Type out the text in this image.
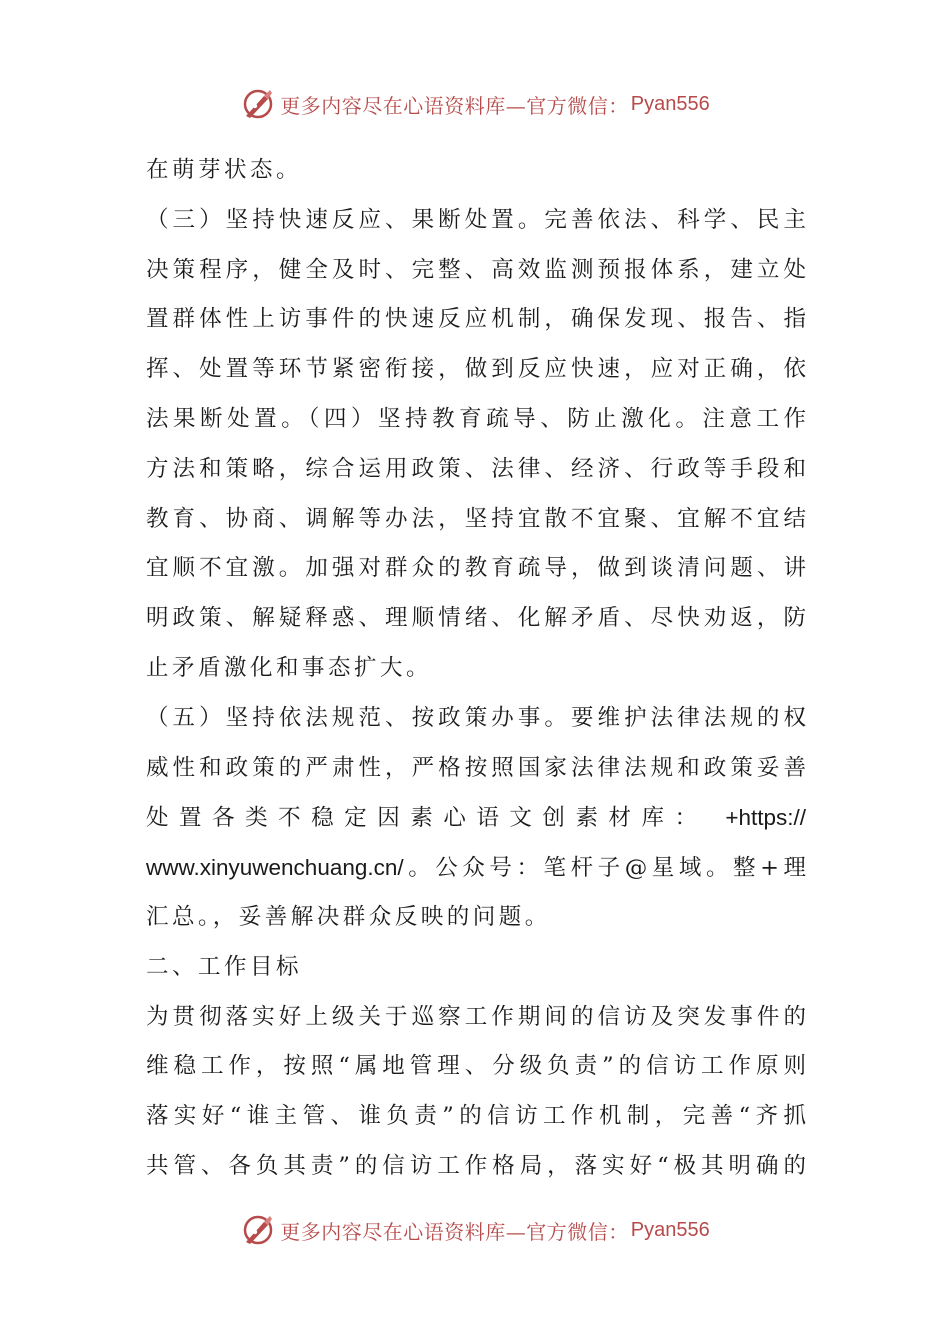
更多内容尽在心语资料库—官方微信： Pyan556
在萌芽状态。
（三）坚持快速反应、果断处置。完善依法、科学、民主
决策程序，健全及时、完整、高效监测预报体系，建立处
置群体性上访事件的快速反应机制，确保发现、报告、指
挥、处置等环节紧密衔接，做到反应快速，应对正确，依
法果断处置。（四）坚持教育疏导、防止激化。注意工作
方法和策略，综合运用政策、法律、经济、行政等手段和
教育、协商、调解等办法，坚持宜散不宜聚、宜解不宜结
宜顺不宜激。加强对群众的教育疏导，做到谈清问题、讲
明政策、解疑释惑、理顺情绪、化解矛盾、尽快劝返，防
止矛盾激化和事态扩大。
（五）坚持依法规范、按政策办事。要维护法律法规的权
威性和政策的严肃性，严格按照国家法律法规和政策妥善
处置各类不稳定因素心语文创素材库： +https://
www.xinyuwenchuang.cn/。公众号：笔杆子@星域。整+理
汇总。，妥善解决群众反映的问题。
二、工作目标
为贯彻落实好上级关于巡察工作期间的信访及突发事件的
维稳工作，按照“属地管理、分级负责”的信访工作原则
落实好“谁主管、谁负责”的信访工作机制，完善“齐抓
共管、各负其责”的信访工作格局，落实好“极其明确的
更多内容尽在心语资料库—官方微信： Pyan556
